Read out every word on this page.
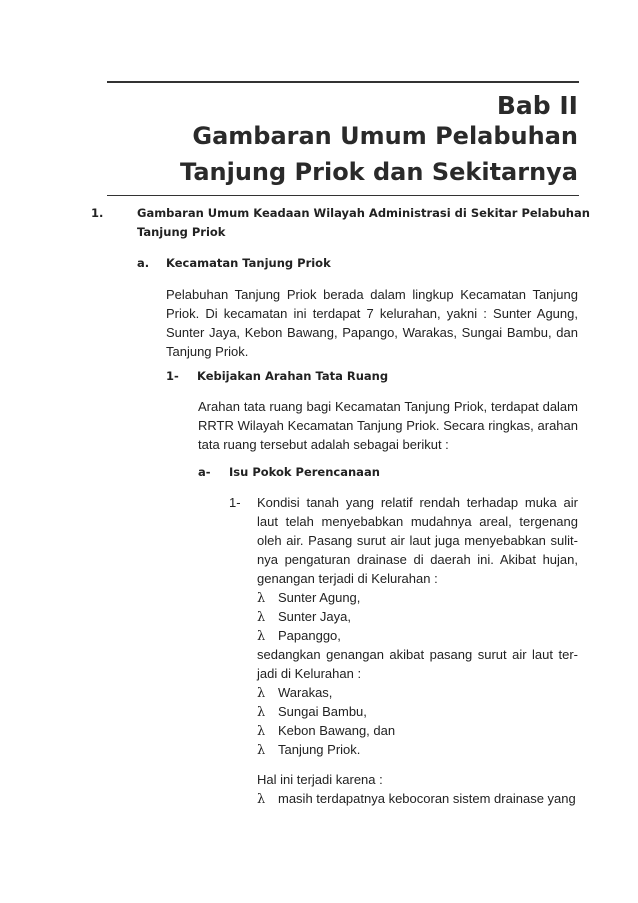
Bab II
Gambaran Umum Pelabuhan
Tanjung Priok dan Sekitarnya
1.	Gambaran Umum Keadaan Wilayah Administrasi di Sekitar Pelabuhan
Tanjung Priok
a. Kecamatan Tanjung Priok

Pelabuhan Tanjung Priok berada dalam lingkup Kecamatan Tanjung

Priok. Di kecamatan ini terdapat 7 kelurahan, yakni : Sunter Agung,

Sunter Jaya, Kebon Bawang, Papango, Warakas, Sungai Bambu, dan

Tanjung Priok.

1- Kebijakan Arahan Tata Ruang

Arahan tata ruang bagi Kecamatan Tanjung Priok, terdapat dalam

RRTR Wilayah Kecamatan Tanjung Priok. Secara ringkas, arahan

tata ruang tersebut adalah sebagai berikut :

a- Isu Pokok Perencanaan
1- Kondisi tanah yang relatif rendah terhadap muka air

laut telah menyebabkan mudahnya areal, tergenang

oleh air. Pasang surut air laut juga menyebabkan sulit-

nya pengaturan drainase di daerah ini. Akibat hujan,

genangan terjadi di Kelurahan :

λ Sunter Agung,
λ Sunter Jaya,
λ Papanggo,

sedangkan genangan akibat pasang surut air laut ter-

jadi di Kelurahan :

λ Warakas,
λ Sungai Bambu,
λ Kebon Bawang, dan
λ Tanjung Priok.
Hal ini terjadi karena :
λ masih terdapatnya kebocoran sistem drainase yang
